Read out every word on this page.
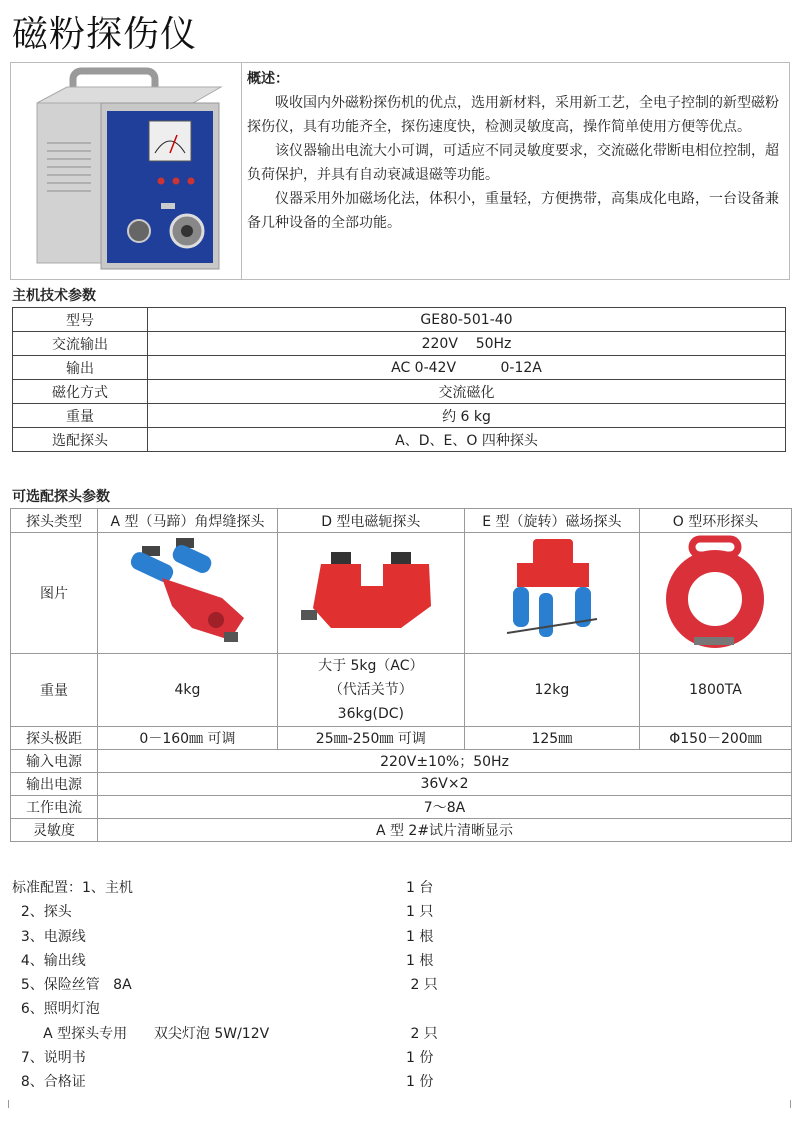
磁粉探伤仪
概述：

吸收国内外磁粉探伤机的优点，选用新材料，采用新工艺，全电子控制的新型磁粉探伤仪，具有功能齐全，探伤速度快，检测灵敏度高，操作简单使用方便等优点。

该仪器输出电流大小可调，可适应不同灵敏度要求，交流磁化带断电相位控制，超负荷保护，并具有自动衰减退磁等功能。

仪器采用外加磁场化法，体积小，重量轻，方便携带，高集成化电路，一台设备兼备几种设备的全部功能。

主机技术参数
型号	GE80-501-40
交流输出	220V    50Hz
输出	AC 0-42V          0-12A
磁化方式	交流磁化
重量	约 6 kg
选配探头	A、D、E、O 四种探头
可选配探头参数
探头类型	A 型（马蹄）角焊缝探头	D 型电磁轭探头	E 型（旋转）磁场探头	O 型环形探头
图片				
重量	4kg	大于 5kg（AC）
（代活关节）
36kg(DC)	12kg	1800TA
探头极距	0－160㎜ 可调	25㎜-250㎜ 可调	125㎜	Φ150－200㎜
输入电源	220V±10%；50Hz			
输出电源	36V×2			
工作电流	7～8A			
灵敏度	A 型 2#试片清晰显示			
标准配置：1、主机	1 台
2、探头	1 只
3、电源线	1 根
4、输出线	1 根
5、保险丝管   8A	2 只
6、照明灯泡
A 型探头专用      双尖灯泡 5W/12V	2 只
7、说明书	1 份
8、合格证	1 份
